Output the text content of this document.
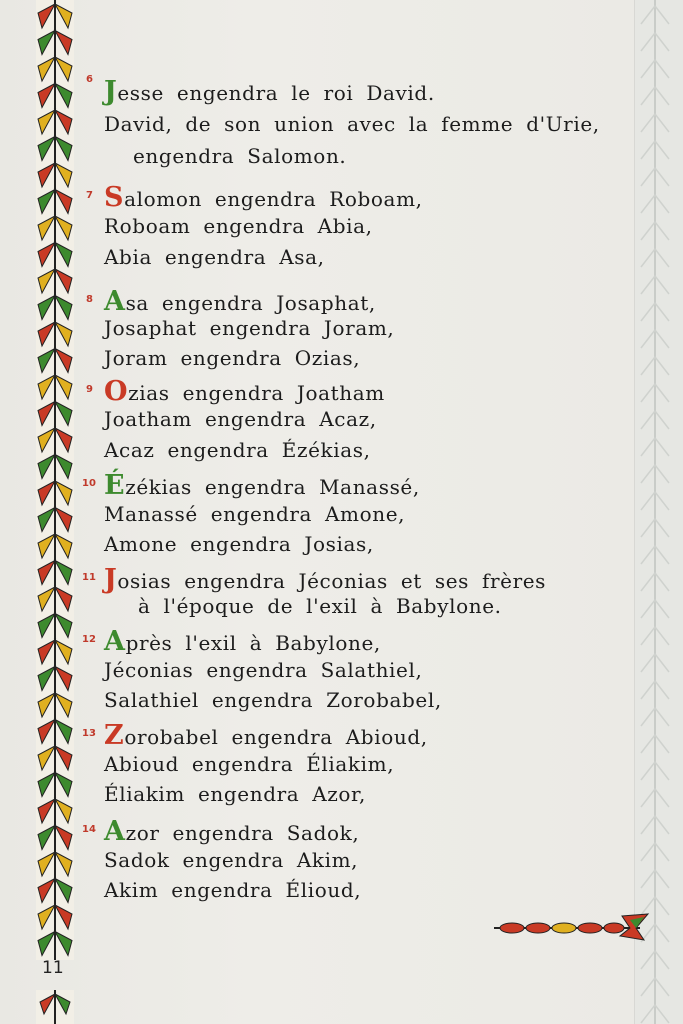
11
6 Jesse engendra le roi David.
David, de son union avec la femme d'Urie,
engendra Salomon.
7 Salomon engendra Roboam,
Roboam engendra Abia,
Abia engendra Asa,
8 Asa engendra Josaphat,
Josaphat engendra Joram,
Joram engendra Ozias,
9 Ozias engendra Joatham
Joatham engendra Acaz,
Acaz engendra Ézékias,
10 Ézékias engendra Manassé,
Manassé engendra Amone,
Amone engendra Josias,
11 Josias engendra Jéconias et ses frères
à l'époque de l'exil à Babylone.
12 Après l'exil à Babylone,
Jéconias engendra Salathiel,
Salathiel engendra Zorobabel,
13 Zorobabel engendra Abioud,
Abioud engendra Éliakim,
Éliakim engendra Azor,
14 Azor engendra Sadok,
Sadok engendra Akim,
Akim engendra Élioud,
